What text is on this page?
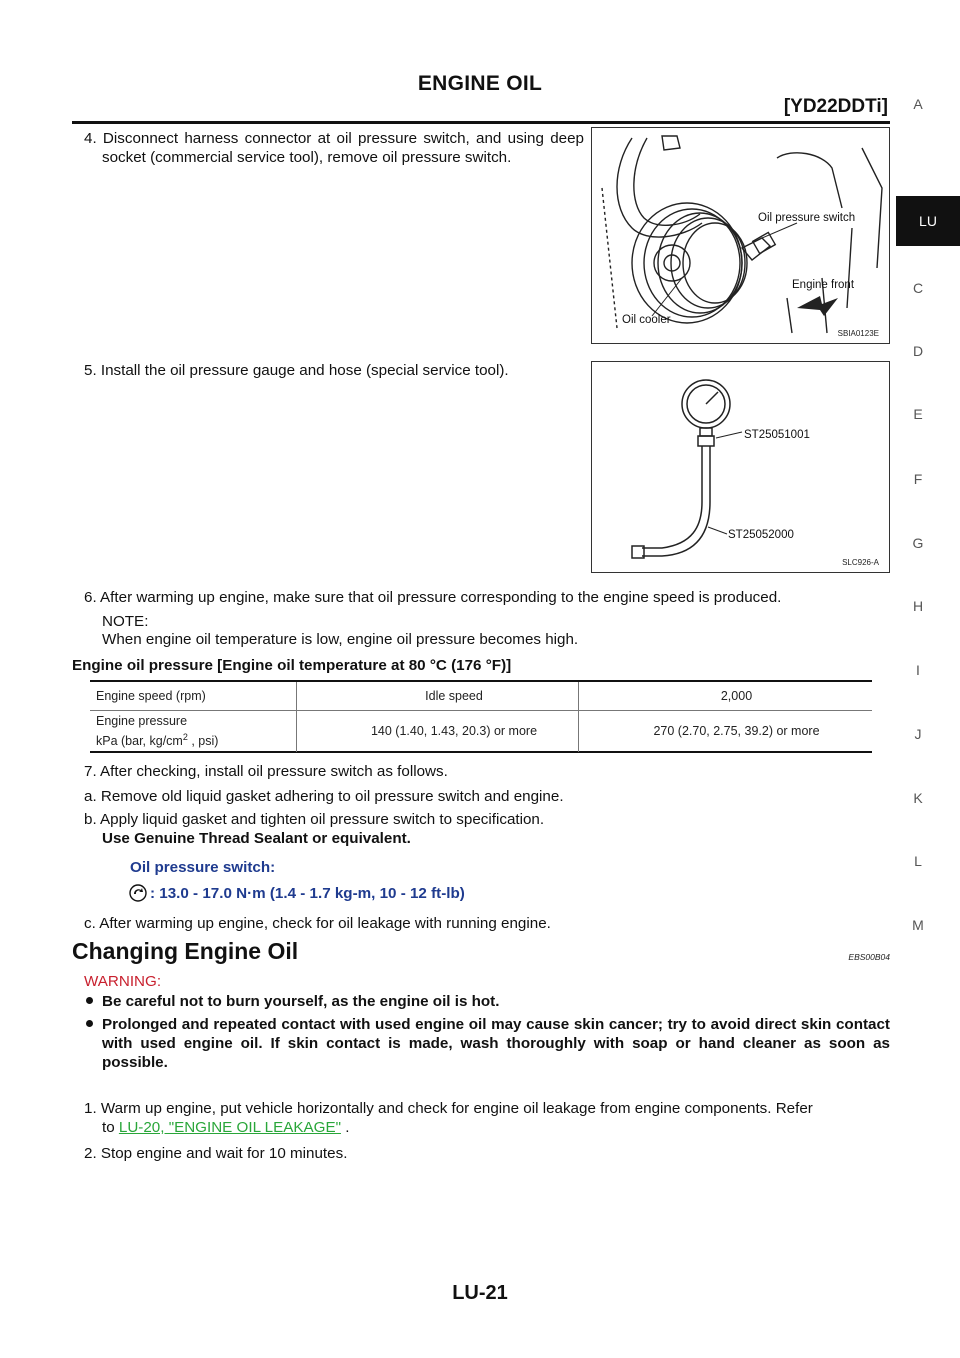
ENGINE OIL
[YD22DDTi]	A
LU
C
D
E
F
G
H
I
J
K
L
M

4. Disconnect harness connector at oil pressure switch, and using deep socket (commercial service tool), remove oil pressure switch.

Oil pressure switch
Engine front
Oil cooler
SBIA0123E

5. Install the oil pressure gauge and hose (special service tool).

ST25051001
ST25052000
SLC926-A
6. After warming up engine, make sure that oil pressure corresponding to the engine speed is produced.
NOTE:
When engine oil temperature is low, engine oil pressure becomes high.
Engine oil pressure [Engine oil temperature at 80 °C (176 °F)]
Engine speed (rpm)	Idle speed	2,000
Engine pressure
kPa (bar, $kg/cm^2$ , psi)	140 (1.40, 1.43, 20.3) or more	270 (2.70, 2.75, 39.2) or more
7. After checking, install oil pressure switch as follows.
a. Remove old liquid gasket adhering to oil pressure switch and engine.
b. Apply liquid gasket and tighten oil pressure switch to specification.
Use Genuine Thread Sealant or equivalent.
Oil pressure switch:
: 13.0 - 17.0 N·m (1.4 - 1.7 kg-m, 10 - 12 ft-lb)
c. After warming up engine, check for oil leakage with running engine.
Changing Engine Oil	EBS00B04
WARNING:
Be careful not to burn yourself, as the engine oil is hot.
Prolonged and repeated contact with used engine oil may cause skin cancer; try to avoid direct skin contact with used engine oil. If skin contact is made, wash thoroughly with soap or hand cleaner as soon as possible.
1. Warm up engine, put vehicle horizontally and check for engine oil leakage from engine components. Refer
to LU-20, "ENGINE OIL LEAKAGE" .
2. Stop engine and wait for 10 minutes.
LU-21
